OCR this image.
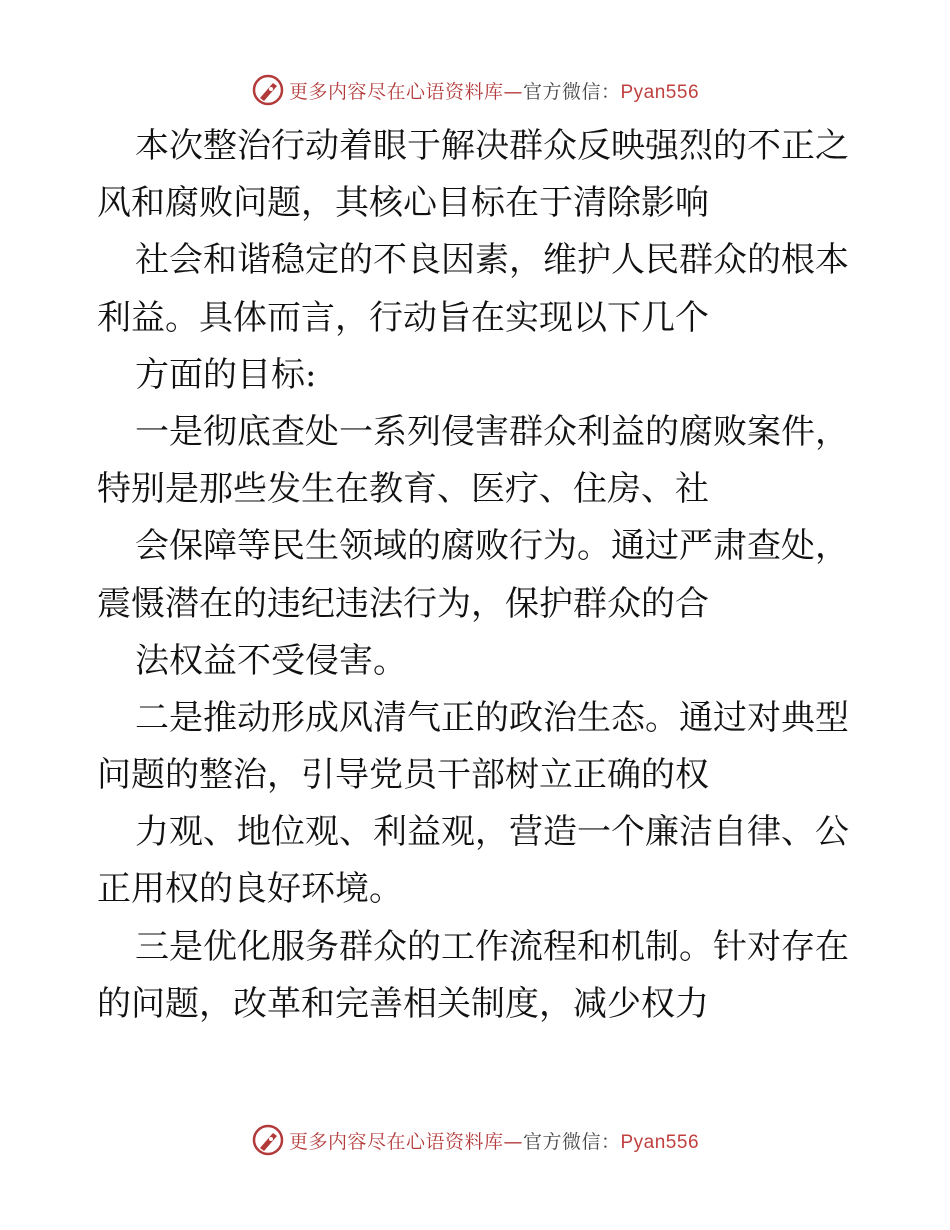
更多内容尽在心语资料库—官方微信：Pyan556
本次整治行动着眼于解决群众反映强烈的不正之
风和腐败问题，其核心目标在于清除影响
社会和谐稳定的不良因素，维护人民群众的根本
利益。具体而言，行动旨在实现以下几个
方面的目标:
一是彻底查处一系列侵害群众利益的腐败案件，
特别是那些发生在教育、医疗、住房、社
会保障等民生领域的腐败行为。通过严肃查处，
震慑潜在的违纪违法行为，保护群众的合
法权益不受侵害。
二是推动形成风清气正的政治生态。通过对典型
问题的整治，引导党员干部树立正确的权
力观、地位观、利益观，营造一个廉洁自律、公
正用权的良好环境。
三是优化服务群众的工作流程和机制。针对存在
的问题，改革和完善相关制度，减少权力
更多内容尽在心语资料库—官方微信：Pyan556
